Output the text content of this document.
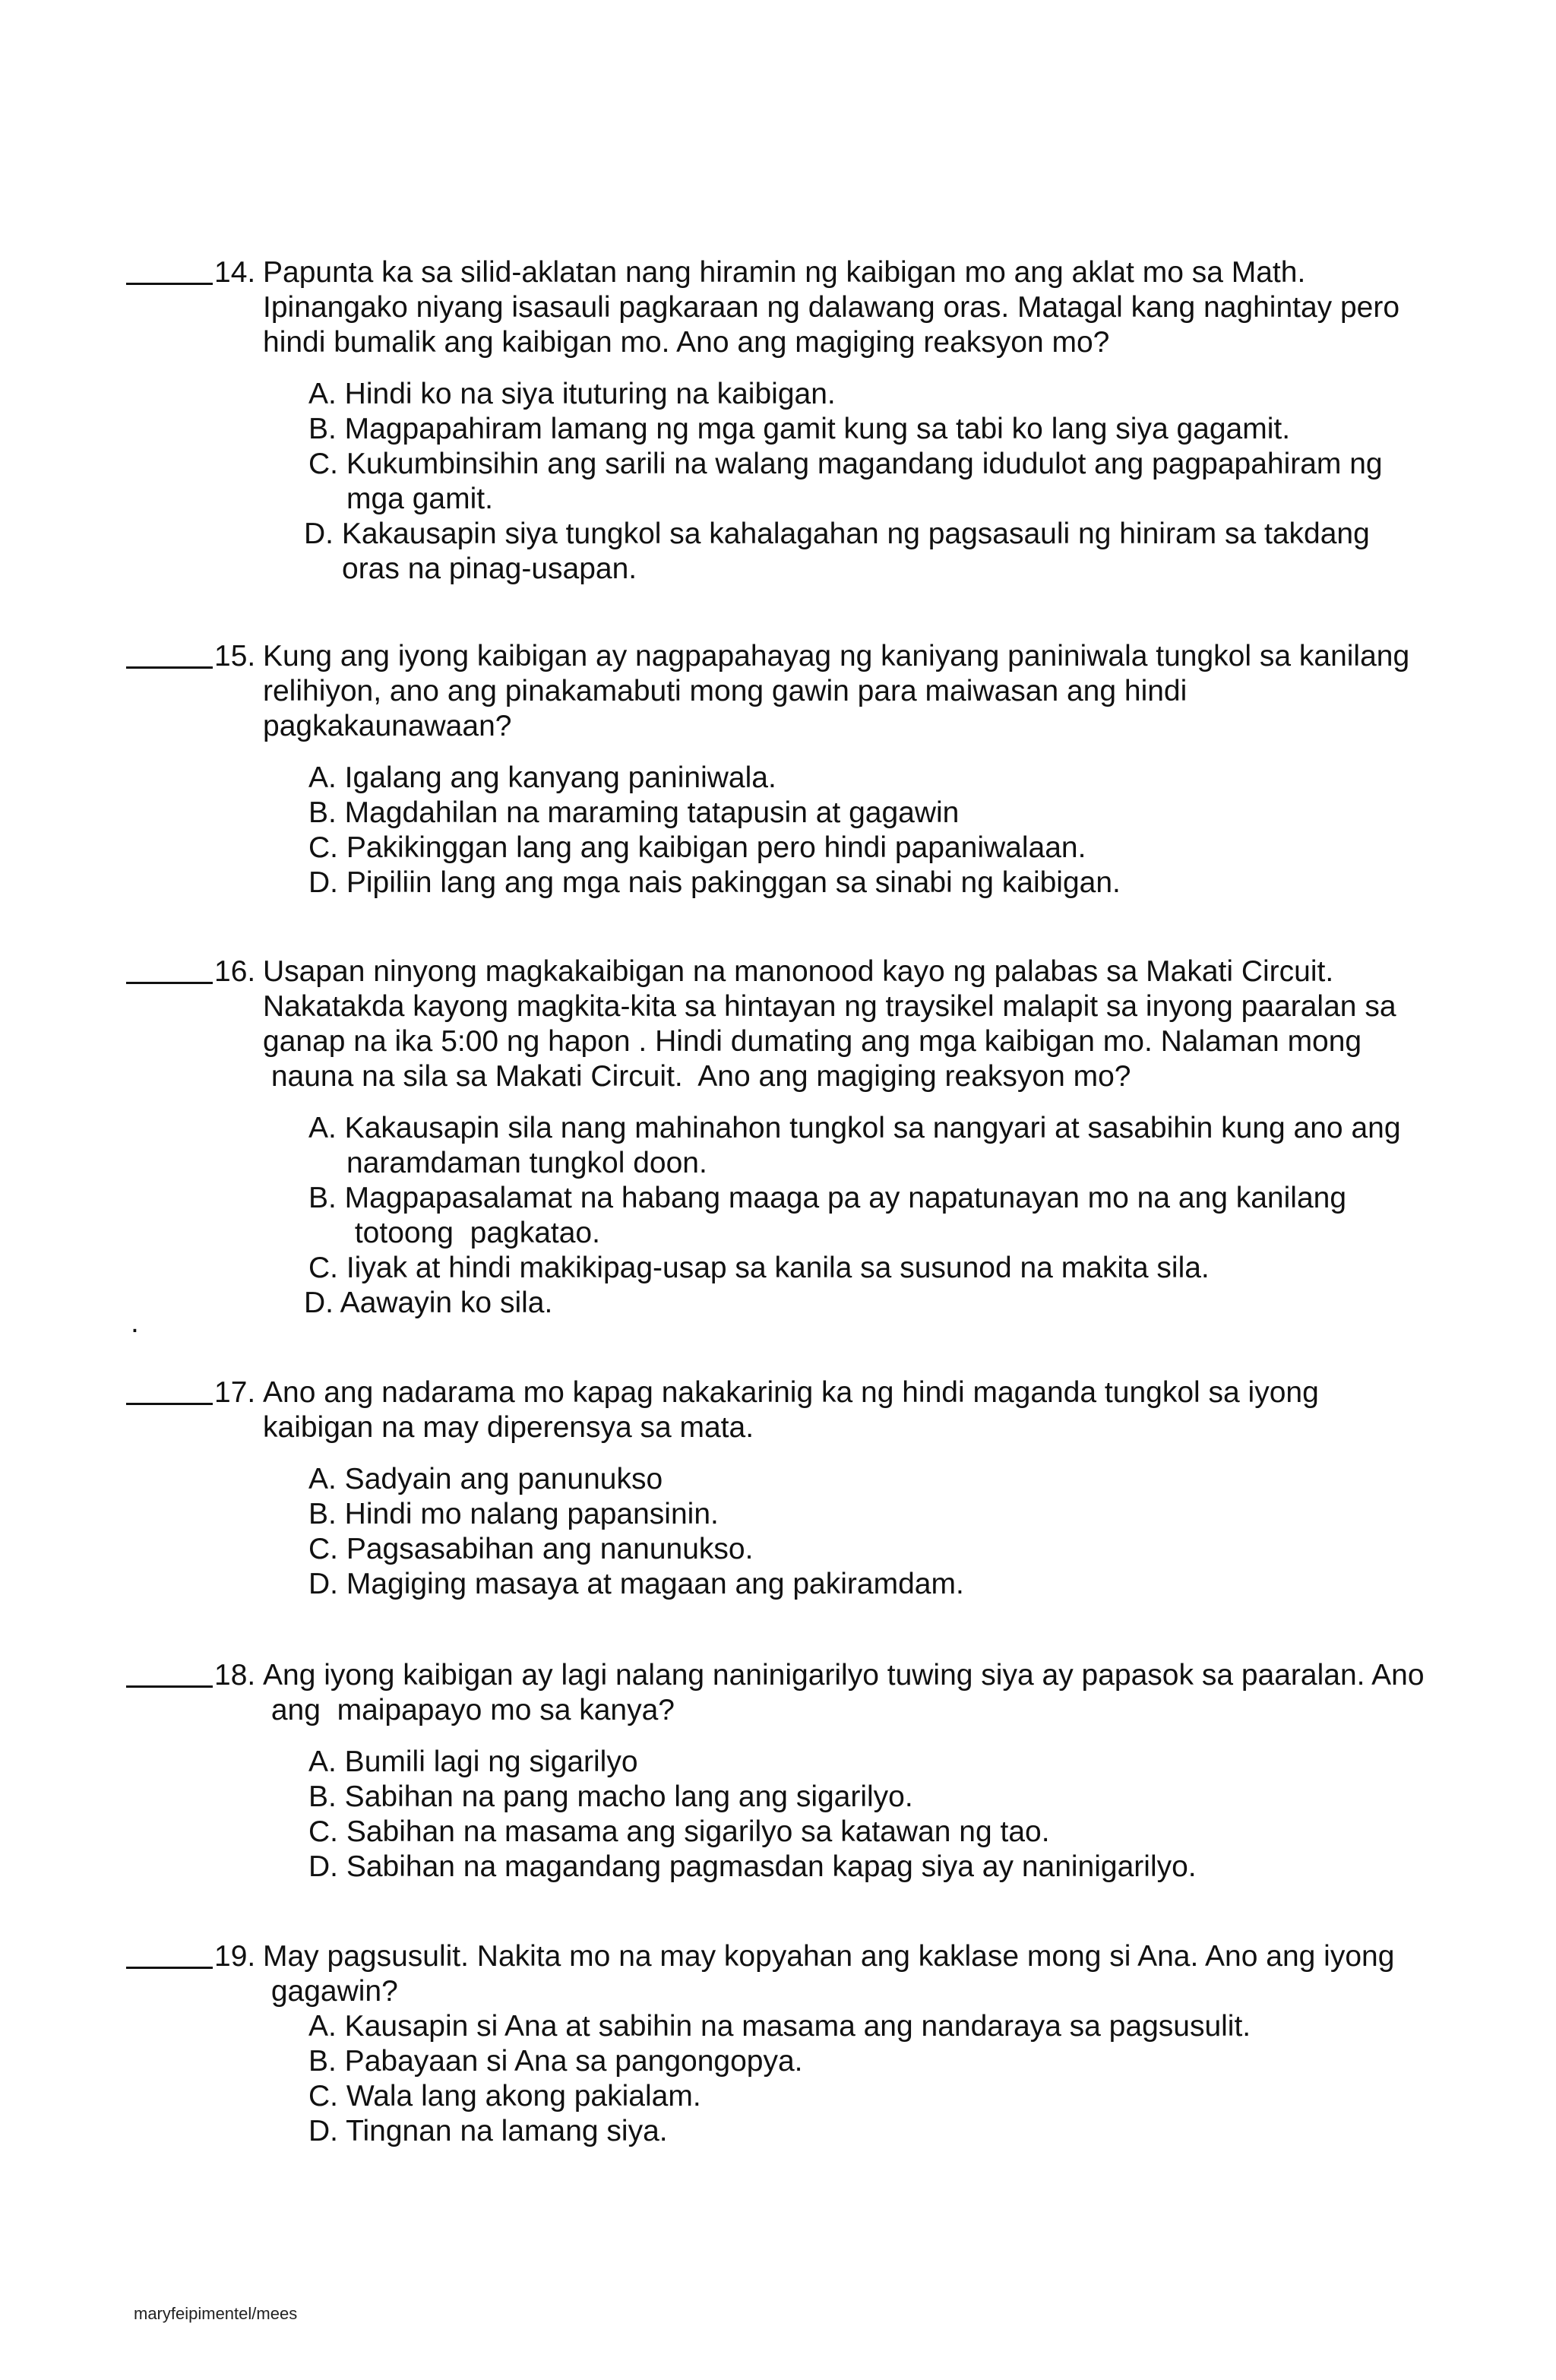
14. Papunta ka sa silid-aklatan nang hiramin ng kaibigan mo ang aklat mo sa Math.
Ipinangako niyang isasauli pagkaraan ng dalawang oras. Matagal kang naghintay pero
hindi bumalik ang kaibigan mo. Ano ang magiging reaksyon mo?
A. Hindi ko na siya ituturing na kaibigan.
B. Magpapahiram lamang ng mga gamit kung sa tabi ko lang siya gagamit.
C. Kukumbinsihin ang sarili na walang magandang idudulot ang pagpapahiram ng
mga gamit.
D. Kakausapin siya tungkol sa kahalagahan ng pagsasauli ng hiniram sa takdang
oras na pinag-usapan.
15. Kung ang iyong kaibigan ay nagpapahayag ng kaniyang paniniwala tungkol sa kanilang
relihiyon, ano ang pinakamabuti mong gawin para maiwasan ang hindi
pagkakaunawaan?
A. Igalang ang kanyang paniniwala.
B. Magdahilan na maraming tatapusin at gagawin
C. Pakikinggan lang ang kaibigan pero hindi papaniwalaan.
D. Pipiliin lang ang mga nais pakinggan sa sinabi ng kaibigan.
16. Usapan ninyong magkakaibigan na manonood kayo ng palabas sa Makati Circuit.
Nakatakda kayong magkita-kita sa hintayan ng traysikel malapit sa inyong paaralan sa
ganap na ika 5:00 ng hapon . Hindi dumating ang mga kaibigan mo. Nalaman mong
nauna na sila sa Makati Circuit.  Ano ang magiging reaksyon mo?
A. Kakausapin sila nang mahinahon tungkol sa nangyari at sasabihin kung ano ang
naramdaman tungkol doon.
B. Magpapasalamat na habang maaga pa ay napatunayan mo na ang kanilang
totoong  pagkatao.
C. Iiyak at hindi makikipag-usap sa kanila sa susunod na makita sila.
D. Aawayin ko sila.
.
17. Ano ang nadarama mo kapag nakakarinig ka ng hindi maganda tungkol sa iyong
kaibigan na may diperensya sa mata.
A. Sadyain ang panunukso
B. Hindi mo nalang papansinin.
C. Pagsasabihan ang nanunukso.
D. Magiging masaya at magaan ang pakiramdam.
18. Ang iyong kaibigan ay lagi nalang naninigarilyo tuwing siya ay papasok sa paaralan. Ano
ang  maipapayo mo sa kanya?
A. Bumili lagi ng sigarilyo
B. Sabihan na pang macho lang ang sigarilyo.
C. Sabihan na masama ang sigarilyo sa katawan ng tao.
D. Sabihan na magandang pagmasdan kapag siya ay naninigarilyo.
19. May pagsusulit. Nakita mo na may kopyahan ang kaklase mong si Ana. Ano ang iyong
gagawin?
A. Kausapin si Ana at sabihin na masama ang nandaraya sa pagsusulit.
B. Pabayaan si Ana sa pangongopya.
C. Wala lang akong pakialam.
D. Tingnan na lamang siya.
maryfeipimentel/mees
